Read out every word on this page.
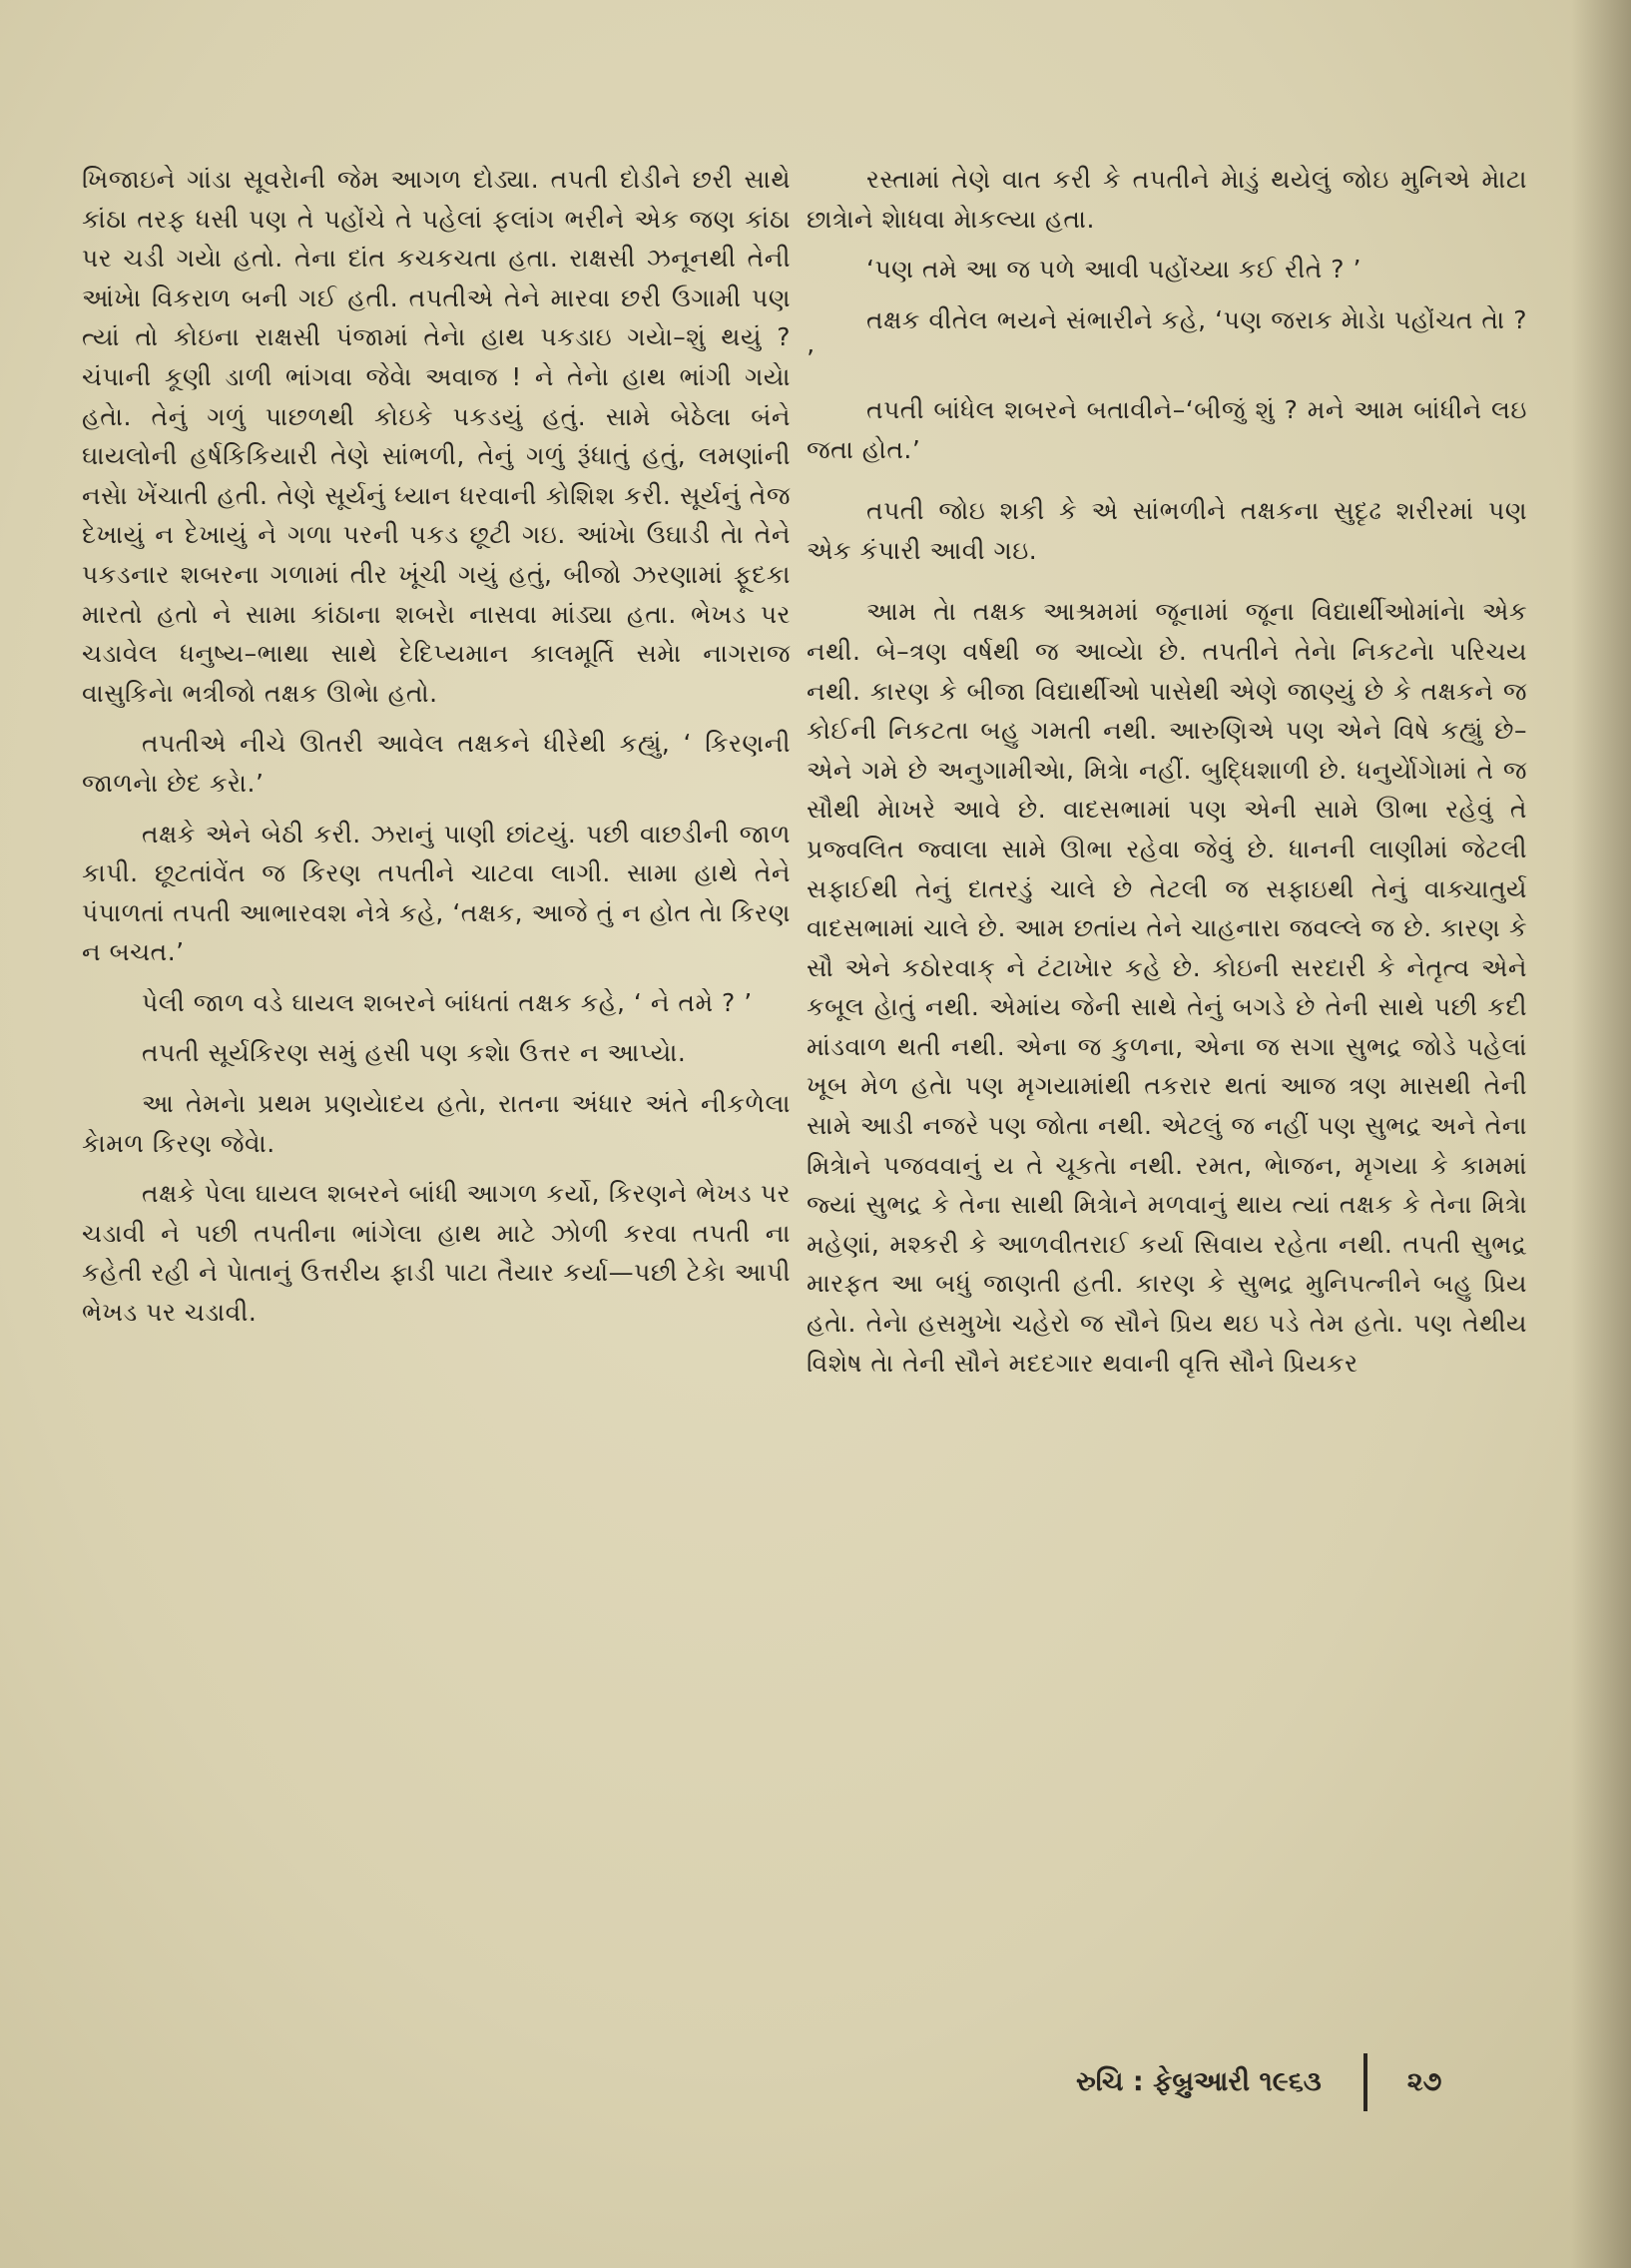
ખિજાઇને ગાંડા સૂવરેાની જેમ આગળ દોડ્યા. તપતી દોડીને છરી સાથે કાંઠા તરફ ધસી પણ તે પહોંચે તે પહેલાં ફલાંગ ભરીને એક જણ કાંઠા પર ચડી ગયેા હતો. તેના દાંત કચકચતા હતા. રાક્ષસી ઝનૂનથી તેની આંખેા વિકરાળ બની ગઈ હતી. તપતીએ તેને મારવા છરી ઉગામી પણ ત્યાં તો કોઇના રાક્ષસી પંજામાં તેનેા હાથ પકડાઇ ગયેા–શું થયું ? ચંપાની કૂણી ડાળી ભાંગવા જેવેા અવાજ ! ને તેનેા હાથ ભાંગી ગયેા હતેા. તેનું ગળું પાછળથી કોઇકે પકડયું હતું. સામે બેઠેલા બંને ઘાયલોની હર્ષકિકિયારી તેણે સાંભળી, તેનું ગળું રૂંધાતું હતું, લમણાંની નસેા ખેંચાતી હતી. તેણે સૂર્યનું ધ્યાન ધરવાની કોશિશ કરી. સૂર્યનું તેજ દેખાયું ન દેખાયું ને ગળા પરની પકડ છૂટી ગઇ. આંખેા ઉઘાડી તેા તેને પકડનાર શબરના ગળામાં તીર ખૂંચી ગયું હતું, બીજો ઝરણામાં ફૂદકા મારતો હતો ને સામા કાંઠાના શબરેા નાસવા માંડ્યા હતા. ભેખડ પર ચડાવેલ ધનુષ્ય–ભાથા સાથે દેદિપ્યમાન કાલમૂર્તિ સમેા નાગરાજ વાસુકિનેા ભત્રીજો તક્ષક ઊભેા હતો.

તપતીએ નીચે ઊતરી આવેલ તક્ષકને ધીરેથી કહ્યું, ‘ કિરણની જાળનેા છેદ કરેા.’

તક્ષકે એને બેઠી કરી. ઝરાનું પાણી છાંટયું. પછી વાછડીની જાળ કાપી. છૂટતાંવેંત જ કિરણ તપતીને ચાટવા લાગી. સામા હાથે તેને પંપાળતાં તપતી આભારવશ નેત્રે કહે, ‘તક્ષક, આજે તું ન હોત તેા કિરણ ન બચત.’

પેલી જાળ વડે ઘાયલ શબરને બાંધતાં તક્ષક કહે, ‘ ને તમે ? ’

તપતી સૂર્યકિરણ સમું હસી પણ કશેા ઉત્તર ન આપ્યેા.

આ તેમનેા પ્રથમ પ્રણયેાદય હતેા, રાતના અંધાર અંતે નીકળેલા કેામળ કિરણ જેવેા.

તક્ષકે પેલા ઘાયલ શબરને બાંધી આગળ કર્યો, કિરણને ભેખડ પર ચડાવી ને પછી તપતીના ભાંગેલા હાથ માટે ઝોળી કરવા તપતી ના કહેતી રહી ને પેાતાનું ઉત્તરીય ફાડી પાટા તૈયાર કર્યા—પછી ટેકેા આપી ભેખડ પર ચડાવી.

રસ્તામાં તેણે વાત કરી કે તપતીને મેાડું થયેલું જોઇ મુનિએ મેાટા છાત્રેાને શેાધવા મેાકલ્યા હતા.

‘પણ તમે આ જ પળે આવી પહોંચ્યા કઈ રીતે ? ’

તક્ષક વીતેલ ભયને સંભારીને કહે, ‘પણ જરાક મેાડેા પહોંચત તેા ? ’

તપતી બાંધેલ શબરને બતાવીને–‘બીજું શું ? મને આમ બાંધીને લઇ જતા હોત.’

તપતી જોઇ શકી કે એ સાંભળીને તક્ષકના સુદૃઢ શરીરમાં પણ એક કંપારી આવી ગઇ.

આમ તેા તક્ષક આશ્રમમાં જૂનામાં જૂના વિદ્યાર્થીઓમાંનેા એક નથી. બે–ત્રણ વર્ષથી જ આવ્યેા છે. તપતીને તેનેા નિકટનેા પરિચય નથી. કારણ કે બીજા વિદ્યાર્થીઓ પાસેથી એણે જાણ્યું છે કે તક્ષકને જ કોઈની નિકટતા બહુ ગમતી નથી. આરુણિએ પણ એને વિષે કહ્યું છે–એને ગમે છે અનુગામીએા, મિત્રેા નહીં. બુદ્ધિશાળી છે. ધનુર્યેાગેામાં તે જ સૌથી મેાખરે આવે છે. વાદસભામાં પણ એની સામે ઊભા રહેવું તે પ્રજ્વલિત જ્વાલા સામે ઊભા રહેવા જેવું છે. ધાનની લાણીમાં જેટલી સફાઈથી તેનું દાતરડું ચાલે છે તેટલી જ સફાઇથી તેનું વાક્ચાતુર્ય વાદસભામાં ચાલે છે. આમ છતાંય તેને ચાહનારા જવલ્લે જ છે. કારણ કે સૌ એને કઠોરવાક્ ને ટંટાખેાર કહે છે. કોઇની સરદારી કે નેતૃત્વ એને કબૂલ હેાતું નથી. એમાંય જેની સાથે તેનું બગડે છે તેની સાથે પછી કદી માંડવાળ થતી નથી. એના જ કુળના, એના જ સગા સુભદ્ર જોડે પહેલાં ખૂબ મેળ હતેા પણ મૃગયામાંથી તકરાર થતાં આજ ત્રણ માસથી તેની સામે આડી નજરે પણ જોતા નથી. એટલું જ નહીં પણ સુભદ્ર અને તેના મિત્રેાને પજવવાનું ય તે ચૂકતેા નથી. રમત, ભેાજન, મૃગયા કે કામમાં જ્યાં સુભદ્ર કે તેના સાથી મિત્રેાને મળવાનું થાય ત્યાં તક્ષક કે તેના મિત્રેા મહેણાં, મશ્કરી કે આળવીતરાઈ કર્યા સિવાય રહેતા નથી. તપતી સુભદ્ર મારફત આ બધું જાણતી હતી. કારણ કે સુભદ્ર મુનિપત્નીને બહુ પ્રિય હતેા. તેનેા હસમુખેા ચહેરો જ સૌને પ્રિય થઇ પડે તેમ હતેા. પણ તેથીય વિશેષ તેા તેની સૌને મદદગાર થવાની વૃત્તિ સૌને પ્રિયકર

રુચિ : ફેબ્રુઆરી ૧૯૬૩	૨૭
